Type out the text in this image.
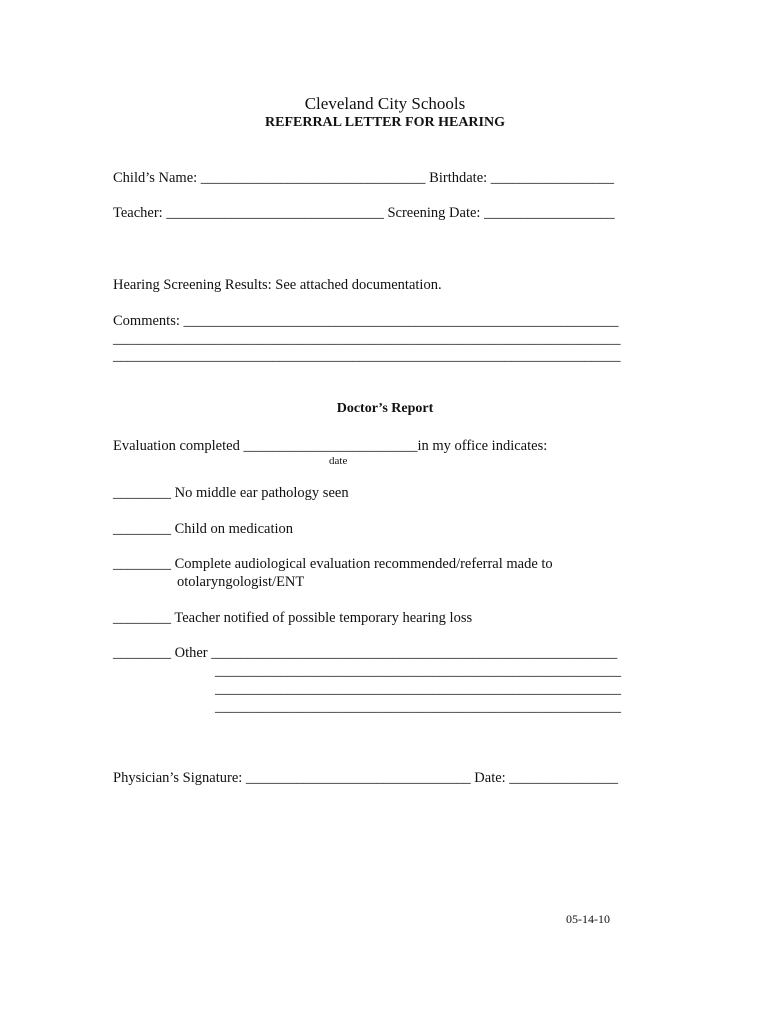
Cleveland City Schools
REFERRAL LETTER FOR HEARING
Child’s Name: _______________________________ Birthdate: _________________
Teacher: ______________________________ Screening Date: __________________
Hearing Screening Results: See attached documentation.
Comments: ____________________________________________________________
______________________________________________________________________
______________________________________________________________________
Doctor’s Report
Evaluation completed ________________________in my office indicates:
date
________ No middle ear pathology seen
________ Child on medication
________ Complete audiological evaluation recommended/referral made to
otolaryngologist/ENT
________ Teacher notified of possible temporary hearing loss
________ Other ________________________________________________________
________________________________________________________
________________________________________________________
________________________________________________________
Physician’s Signature: _______________________________ Date: _______________
05-14-10
